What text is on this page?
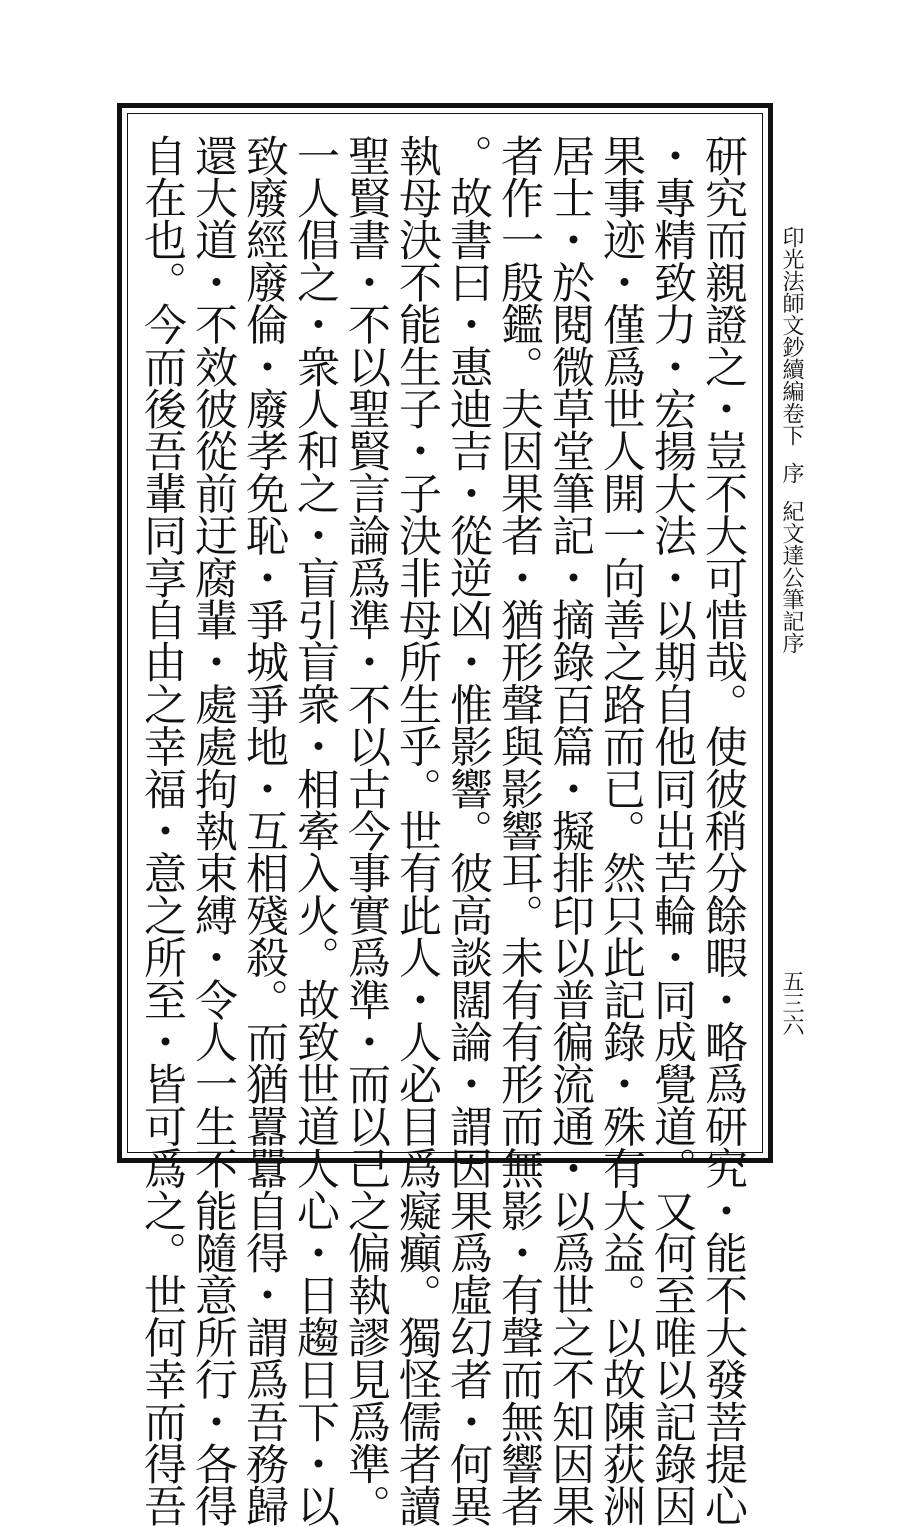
印光法師文鈔續編卷下序紀文達公筆記序
五三六
研究而親證之・豈不大可惜哉。使彼稍分餘暇・略爲研究・能不大發菩提心
・專精致力・宏揚大法・以期自他同出苦輪・同成覺道。又何至唯以記錄因
果事迹・僅爲世人開一向善之路而已。然只此記錄・殊有大益。以故陳荻洲
居士・於閱微草堂筆記・摘錄百篇・擬排印以普徧流通・以爲世之不知因果
者作一殷鑑。夫因果者・猶形聲與影響耳。未有有形而無影・有聲而無響者
。故書曰・惠迪吉・從逆凶・惟影響。彼高談闊論・謂因果爲虛幻者・何異
執母決不能生子・子決非母所生乎。世有此人・人必目爲癡癲。獨怪儒者讀
聖賢書・不以聖賢言論爲準・不以古今事實爲準・而以己之偏執謬見爲準。
一人倡之・衆人和之・盲引盲衆・相牽入火。故致世道人心・日趨日下・以
致廢經廢倫・廢孝免恥・爭城爭地・互相殘殺。而猶囂囂自得・謂爲吾務歸
還大道・不效彼從前迂腐輩・處處拘執束縛・令人一生不能隨意所行・各得
自在也。今而後吾輩同享自由之幸福・意之所至・皆可爲之。世何幸而得吾
